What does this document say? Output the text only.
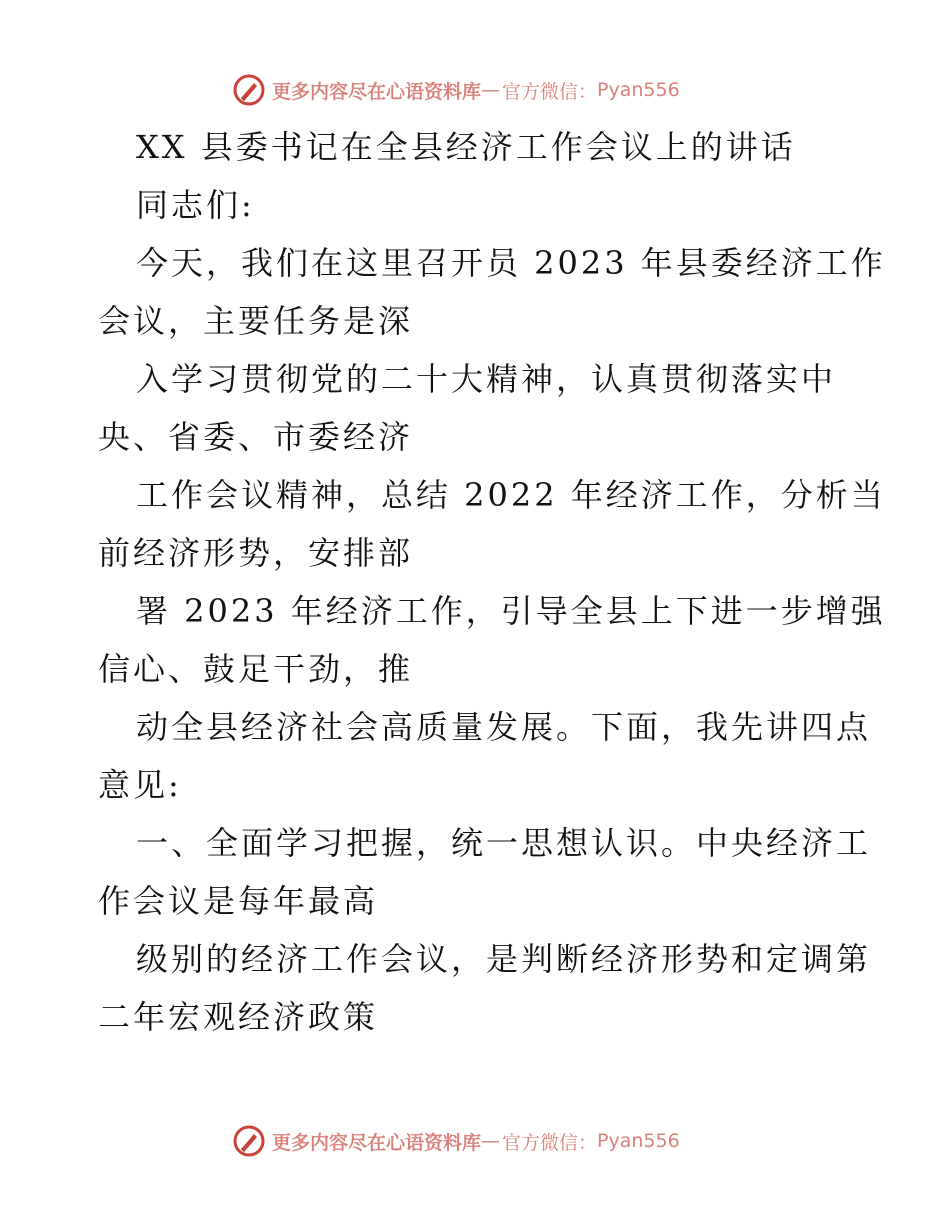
更多内容尽在心语资料库 — 官方微信： Pyan556
XX 县委书记在全县经济工作会议上的讲话
同志们:
今天，我们在这里召开员 2023 年县委经济工作
会议，主要任务是深
入学习贯彻党的二十大精神，认真贯彻落实中
央、省委、市委经济
工作会议精神，总结 2022 年经济工作，分析当
前经济形势，安排部
署 2023 年经济工作，引导全县上下进一步增强
信心、鼓足干劲，推
动全县经济社会高质量发展。下面，我先讲四点
意见:
一、全面学习把握，统一思想认识。中央经济工
作会议是每年最高
级别的经济工作会议，是判断经济形势和定调第
二年宏观经济政策
更多内容尽在心语资料库 — 官方微信： Pyan556
